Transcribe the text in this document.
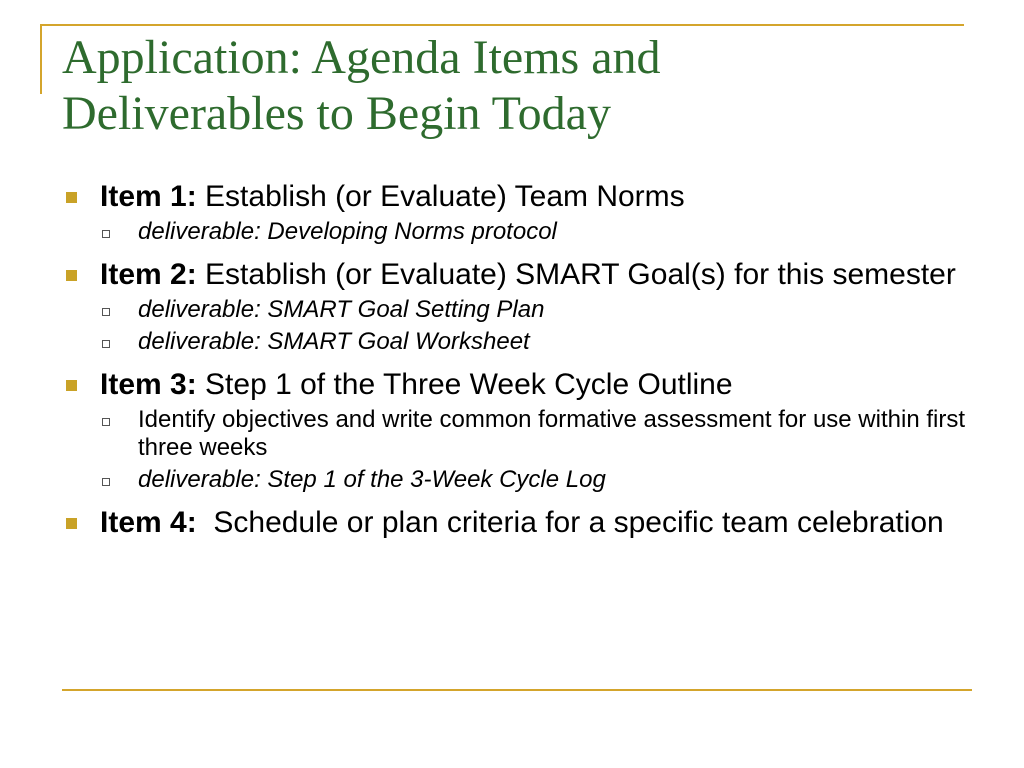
Application: Agenda Items and
Deliverables to Begin Today
Item 1: Establish (or Evaluate) Team Norms
deliverable: Developing Norms protocol
Item 2: Establish (or Evaluate) SMART Goal(s) for this semester
deliverable: SMART Goal Setting Plan
deliverable: SMART Goal Worksheet
Item 3: Step 1 of the Three Week Cycle Outline
Identify objectives and write common formative assessment for use within first three weeks
deliverable: Step 1 of the 3-Week Cycle Log
Item 4:  Schedule or plan criteria for a specific team celebration
